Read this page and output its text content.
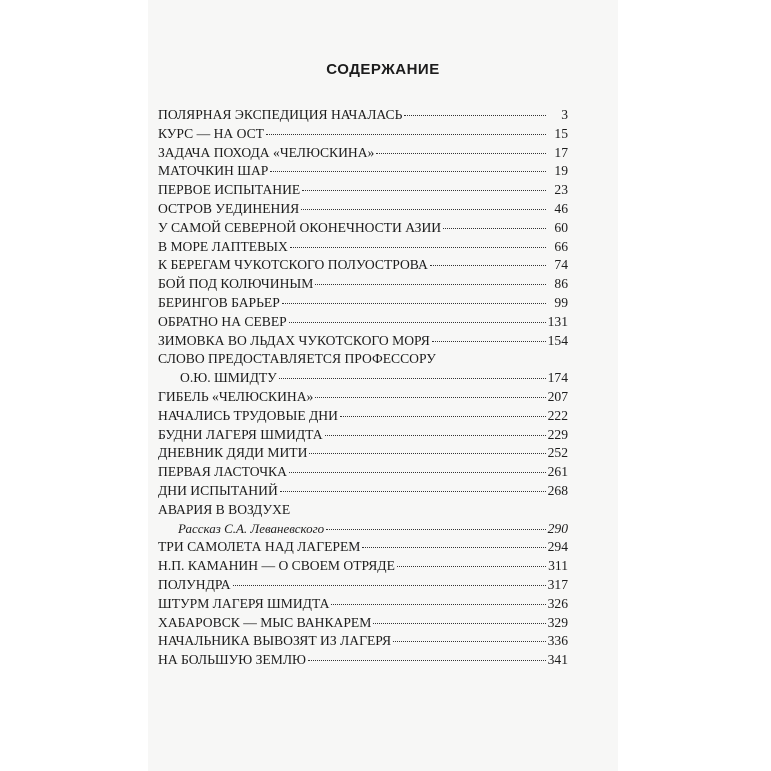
СОДЕРЖАНИЕ
ПОЛЯРНАЯ ЭКСПЕДИЦИЯ НАЧАЛАСЬ	3
КУРС — НА ОСТ	15
ЗАДАЧА ПОХОДА «ЧЕЛЮСКИНА»	17
МАТОЧКИН ШАР	19
ПЕРВОЕ ИСПЫТАНИЕ	23
ОСТРОВ УЕДИНЕНИЯ	46
У САМОЙ СЕВЕРНОЙ ОКОНЕЧНОСТИ АЗИИ	60
В МОРЕ ЛАПТЕВЫХ	66
К БЕРЕГАМ ЧУКОТСКОГО ПОЛУОСТРОВА	74
БОЙ ПОД КОЛЮЧИНЫМ	86
БЕРИНГОВ БАРЬЕР	99
ОБРАТНО НА СЕВЕР	131
ЗИМОВКА ВО ЛЬДАХ ЧУКОТСКОГО МОРЯ	154
СЛОВО ПРЕДОСТАВЛЯЕТСЯ ПРОФЕССОРУ
О.Ю. ШМИДТУ	174
ГИБЕЛЬ «ЧЕЛЮСКИНА»	207
НАЧАЛИСЬ ТРУДОВЫЕ ДНИ	222
БУДНИ ЛАГЕРЯ ШМИДТА	229
ДНЕВНИК ДЯДИ МИТИ	252
ПЕРВАЯ ЛАСТОЧКА	261
ДНИ ИСПЫТАНИЙ	268
АВАРИЯ В ВОЗДУХЕ
Рассказ С.А. Леваневского	290
ТРИ САМОЛЕТА НАД ЛАГЕРЕМ	294
Н.П. КАМАНИН — О СВОЕМ ОТРЯДЕ	311
ПОЛУНДРА	317
ШТУРМ ЛАГЕРЯ ШМИДТА	326
ХАБАРОВСК — МЫС ВАНКАРЕМ	329
НАЧАЛЬНИКА ВЫВОЗЯТ ИЗ ЛАГЕРЯ	336
НА БОЛЬШУЮ ЗЕМЛЮ	341
